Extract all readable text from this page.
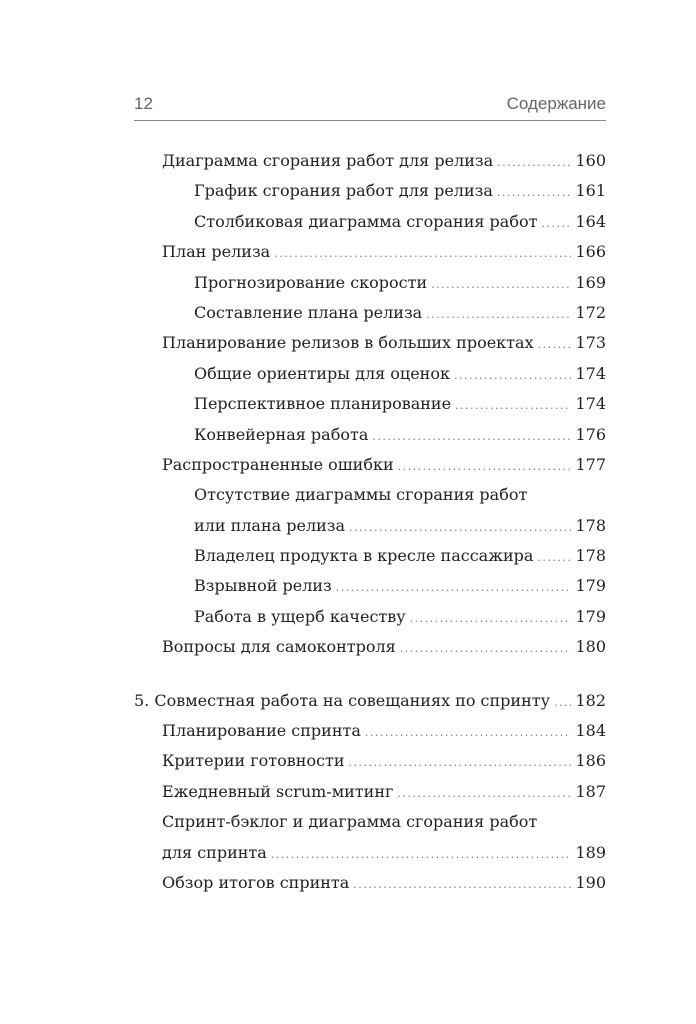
12	Содержание
Диаграмма сгорания работ для релиза .....	160
График сгорания работ для релиза .....	161
Столбиковая диаграмма сгорания работ ..... 164
План релиза .....	166
Прогнозирование скорости .....	169
Составление плана релиза .....	172
Планирование релизов в больших проектах .....	173
Общие ориентиры для оценок .....	174
Перспективное планирование .....	174
Конвейерная работа .....	176
Распространенные ошибки .....	177
Отсутствие диаграммы сгорания работ
или плана релиза .....	178
Владелец продукта в кресле пассажира .....	178
Взрывной релиз .....	179
Работа в ущерб качеству .....	179
Вопросы для самоконтроля .....	180
5. Совместная работа на совещаниях по спринту ..... 182
Планирование спринта .....	184
Критерии готовности .....	186
Ежедневный scrum-митинг .....	187
Спринт-бэклог и диаграмма сгорания работ
для спринта .....	189
Обзор итогов спринта .....	190
